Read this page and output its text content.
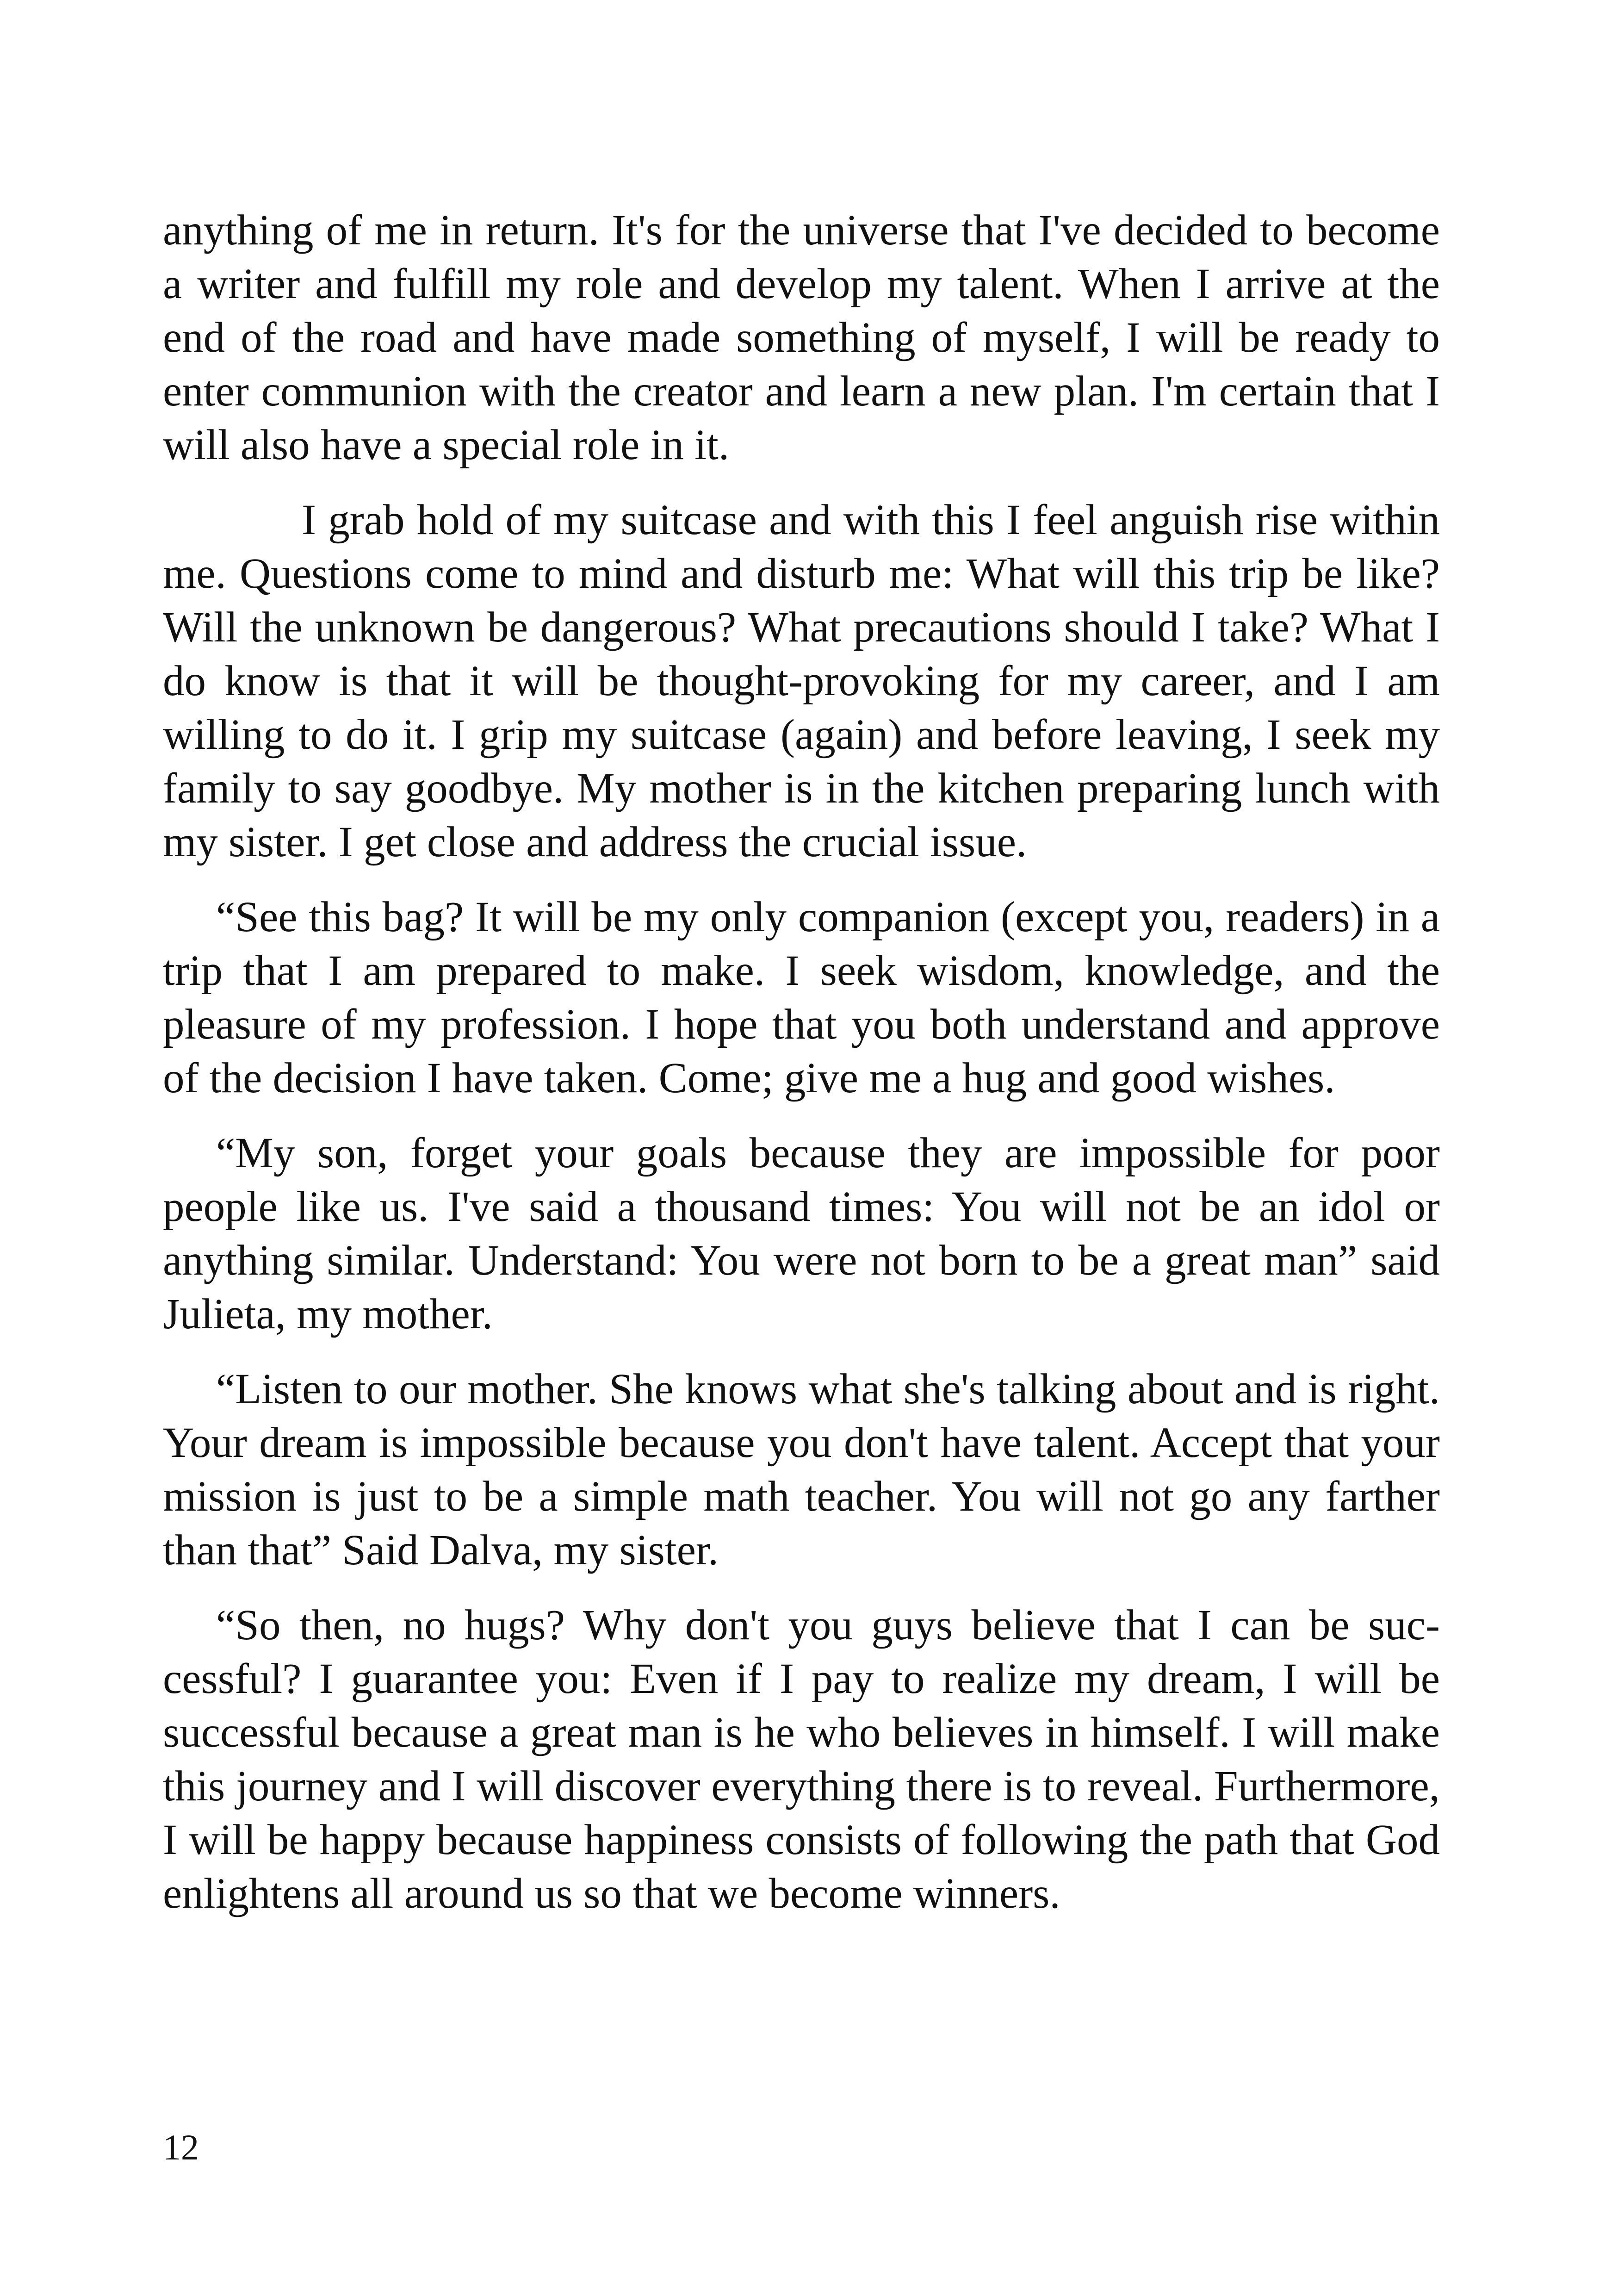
anything of me in return. It's for the universe that I've decided to become a writer and fulfill my role and develop my talent. When I arrive at the end of the road and have made something of myself, I will be ready to enter communion with the creator and learn a new plan. I'm certain that I will also have a special role in it.

I grab hold of my suitcase and with this I feel anguish rise within me. Questions come to mind and disturb me: What will this trip be like? Will the unknown be dangerous? What precautions should I take? What I do know is that it will be thought-provoking for my career, and I am willing to do it. I grip my suitcase (again) and before leaving, I seek my family to say goodbye. My mother is in the kitchen preparing lunch with my sister. I get close and address the crucial issue.

“See this bag? It will be my only companion (except you, readers) in a trip that I am prepared to make. I seek wisdom, knowledge, and the pleasure of my profession. I hope that you both understand and approve of the decision I have taken. Come; give me a hug and good wishes.

“My son, forget your goals because they are impossible for poor people like us. I've said a thousand times: You will not be an idol or anything similar. Understand: You were not born to be a great man” said Julieta, my mother.

“Listen to our mother. She knows what she's talking about and is right. Your dream is impossible because you don't have talent. Accept that your mission is just to be a simple math teacher. You will not go any farther than that” Said Dalva, my sister.

“So then, no hugs? Why don't you guys believe that I can be successful? I guarantee you: Even if I pay to realize my dream, I will be successful because a great man is he who believes in himself. I will make this journey and I will discover everything there is to reveal. Furthermore, I will be happy because happiness consists of following the path that God enlightens all around us so that we become winners.

12
